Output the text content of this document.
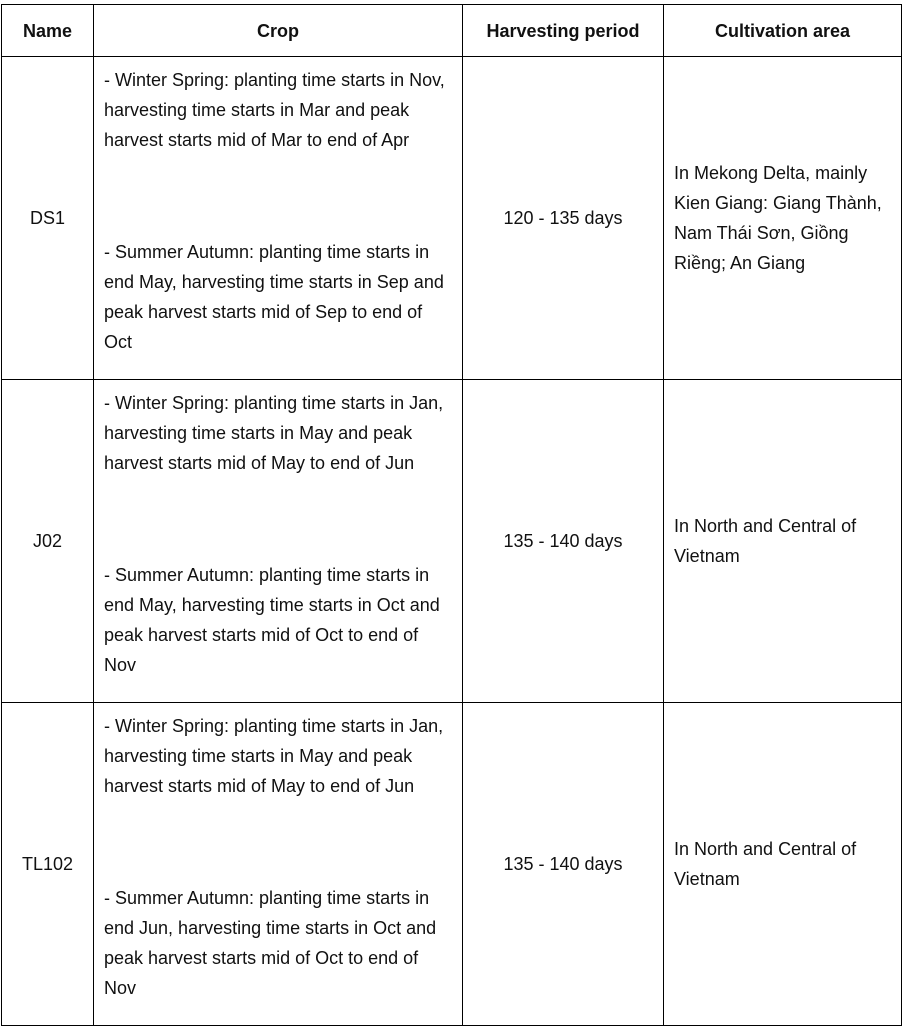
Name	Crop	Harvesting period	Cultivation area
DS1	- Winter Spring: planting time starts in Nov, harvesting time starts in Mar and peak harvest starts mid of Mar to end of Apr

- Summer Autumn: planting time starts in end May, harvesting time starts in Sep and peak harvest starts mid of Sep to end of Oct	120 - 135 days	In Mekong Delta, mainly Kien Giang: Giang Thành, Nam Thái Sơn, Giồng Riềng; An Giang
J02	- Winter Spring: planting time starts in Jan, harvesting time starts in May and peak harvest starts mid of May to end of Jun

- Summer Autumn: planting time starts in end May, harvesting time starts in Oct and peak harvest starts mid of Oct to end of Nov	135 - 140 days	In North and Central of Vietnam
TL102	- Winter Spring: planting time starts in Jan, harvesting time starts in May and peak harvest starts mid of May to end of Jun

- Summer Autumn: planting time starts in end Jun, harvesting time starts in Oct and peak harvest starts mid of Oct to end of Nov	135 - 140 days	In North and Central of Vietnam
